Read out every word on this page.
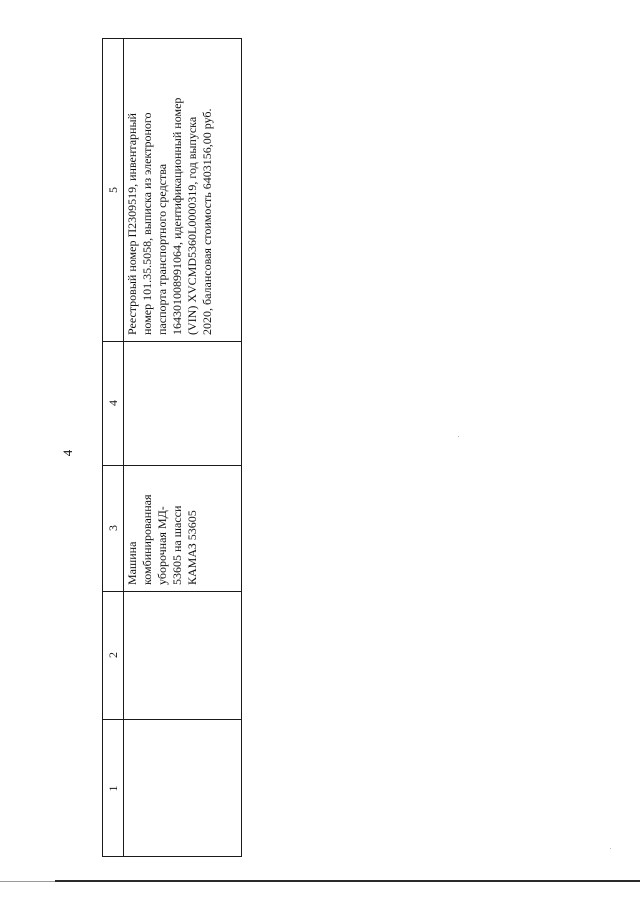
4
1
2
3
4
5
Машина
комбинированная
уборочная МД-
53605 на шасси
КАМАЗ 53605
Реестровый номер П2309519, инвентарный
номер 101.35.5058, выписка из электроного
паспорта транспортного средства
164301008991064, идентификационный номер
(VIN) XVCMD5360L0000319, год выпуска
2020, балансовая стоимость 6403156,00 руб.
